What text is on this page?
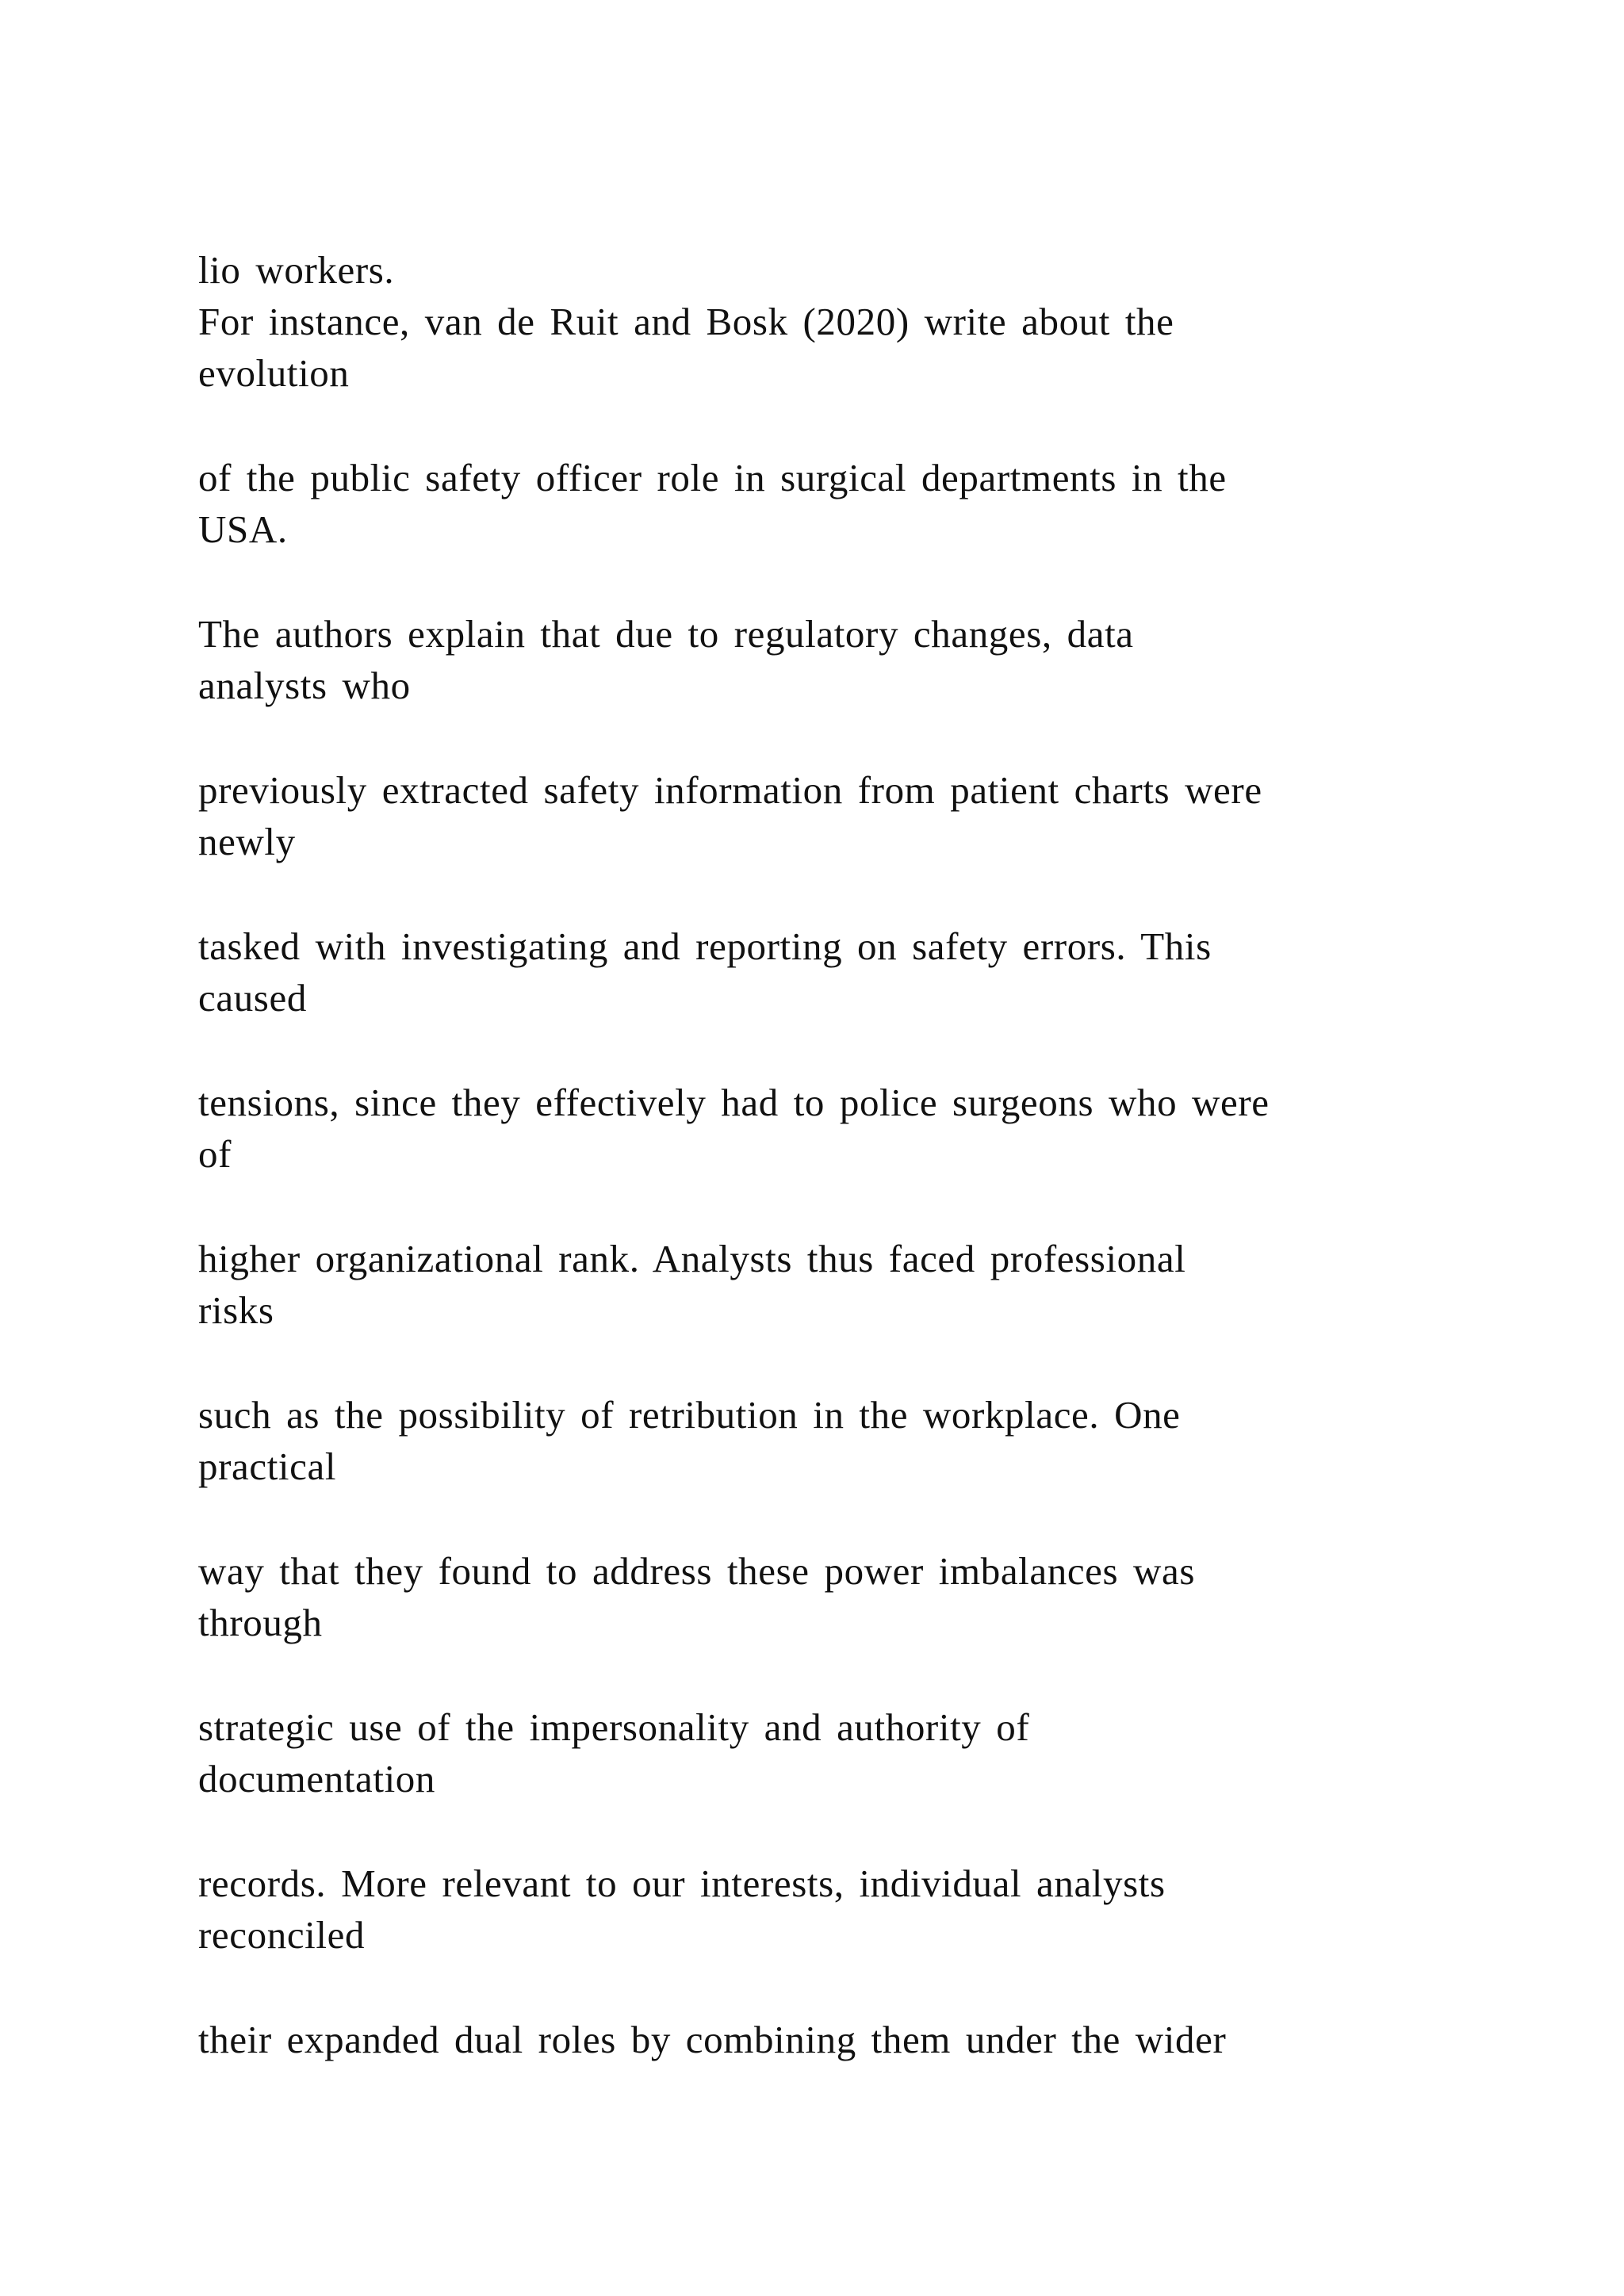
lio workers.
For instance, van de Ruit and Bosk (2020) write about the
evolution
of the public safety officer role in surgical departments in the
USA.
The authors explain that due to regulatory changes, data
analysts who
previously extracted safety information from patient charts were
newly
tasked with investigating and reporting on safety errors. This
caused
tensions, since they effectively had to police surgeons who were
of
higher organizational rank. Analysts thus faced professional
risks
such as the possibility of retribution in the workplace. One
practical
way that they found to address these power imbalances was
through
strategic use of the impersonality and authority of
documentation
records. More relevant to our interests, individual analysts
reconciled
their expanded dual roles by combining them under the wider
